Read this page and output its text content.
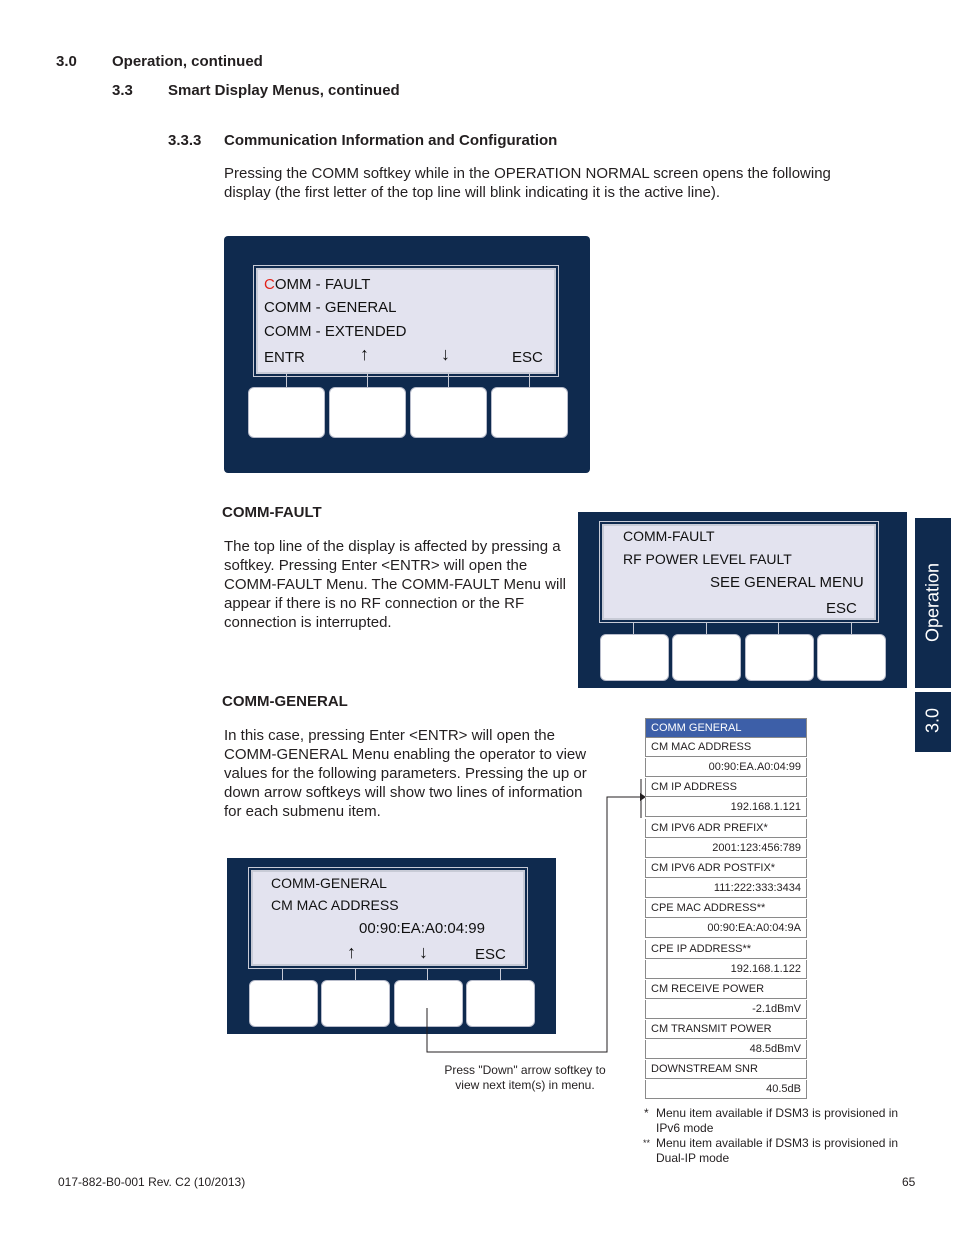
3.0 Operation, continued
3.3 Smart Display Menus, continued
3.3.3 Communication Information and Configuration
Pressing the COMM softkey while in the OPERATION NORMAL screen opens the following display (the first letter of the top line will blink indicating it is the active line).
COMM - FAULT
COMM - GENERAL
COMM - EXTENDED
ENTR	↑	↓	ESC
COMM-FAULT
The top line of the display is affected by pressing a softkey. Pressing Enter <ENTR> will open the COMM-FAULT Menu. The COMM-FAULT Menu will appear if there is no RF connection or the RF connection is interrupted.
COMM-FAULT
RF POWER LEVEL FAULT
SEE GENERAL MENU
ESC	Operation
3.0
COMM-GENERAL
In this case, pressing Enter <ENTR> will open the COMM-GENERAL Menu enabling the operator to view values for the following parameters. Pressing the up or down arrow softkeys will show two lines of information for each submenu item.
COMM-GENERAL
CM MAC ADDRESS
00:90:EA:A0:04:99
↑	↓	ESC
Press "Down" arrow softkey to view next item(s) in menu.
COMM GENERAL
CM MAC ADDRESS
00:90:EA.A0:04:99
CM IP ADDRESS
192.168.1.121
CM IPV6 ADR PREFIX*
2001:123:456:789
CM IPV6 ADR POSTFIX*
111:222:333:3434
CPE MAC ADDRESS**
00:90:EA:A0:04:9A
CPE IP ADDRESS**
192.168.1.122
CM RECEIVE POWER
-2.1dBmV
CM TRANSMIT POWER
48.5dBmV
DOWNSTREAM SNR
40.5dB
* Menu item available if DSM3 is provisioned in IPv6 mode
** Menu item available if DSM3 is provisioned in Dual-IP mode
017-882-B0-001 Rev. C2 (10/2013)	65
